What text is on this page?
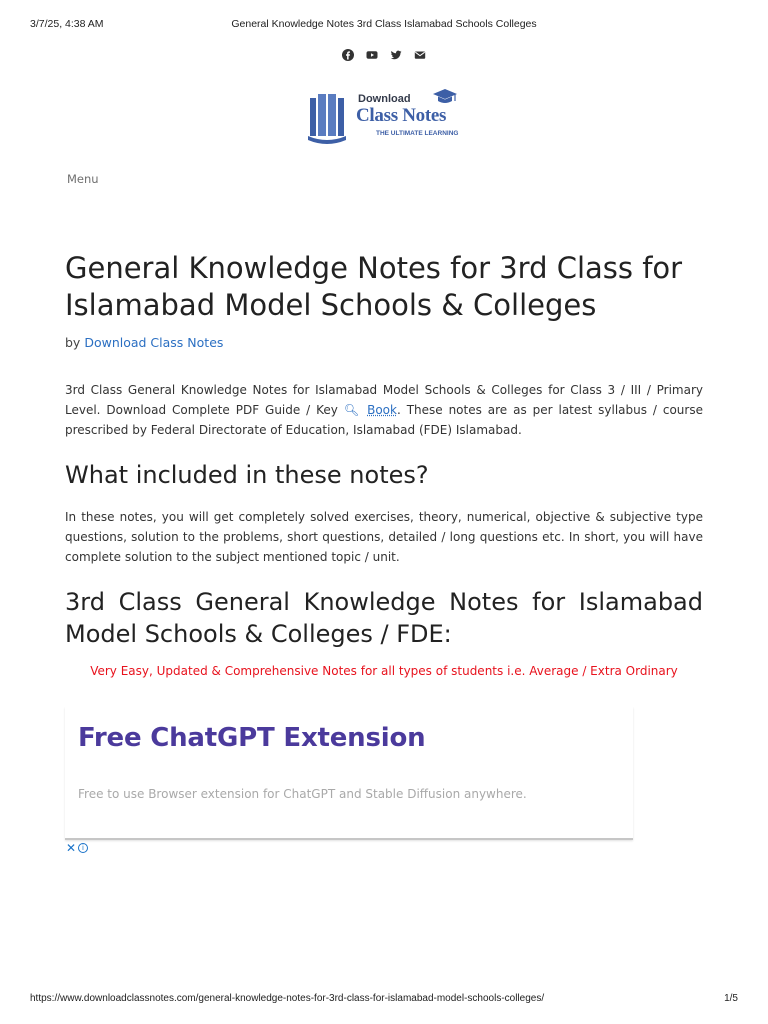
3/7/25, 4:38 AM	General Knowledge Notes 3rd Class Islamabad Schools Colleges

Download
Class Notes
THE ULTIMATE LEARNING
Menu
General Knowledge Notes for 3rd Class for Islamabad Model Schools & Colleges
by Download Class Notes

3rd Class General Knowledge Notes for Islamabad Model Schools & Colleges for Class 3 / III / Primary Level. Download Complete PDF Guide / Key 🔍︎ Book. These notes are as per latest syllabus / course prescribed by Federal Directorate of Education, Islamabad (FDE) Islamabad.

What included in these notes?

In these notes, you will get completely solved exercises, theory, numerical, objective & subjective type questions, solution to the problems, short questions, detailed / long questions etc. In short, you will have complete solution to the subject mentioned topic / unit.

3rd Class General Knowledge Notes for Islamabad Model Schools & Colleges / FDE:
Very Easy, Updated & Comprehensive Notes for all types of students i.e. Average / Extra Ordinary
Free ChatGPT Extension
Free to use Browser extension for ChatGPT and Stable Diffusion anywhere.
✕ i
https://www.downloadclassnotes.com/general-knowledge-notes-for-3rd-class-for-islamabad-model-schools-colleges/	1/5
